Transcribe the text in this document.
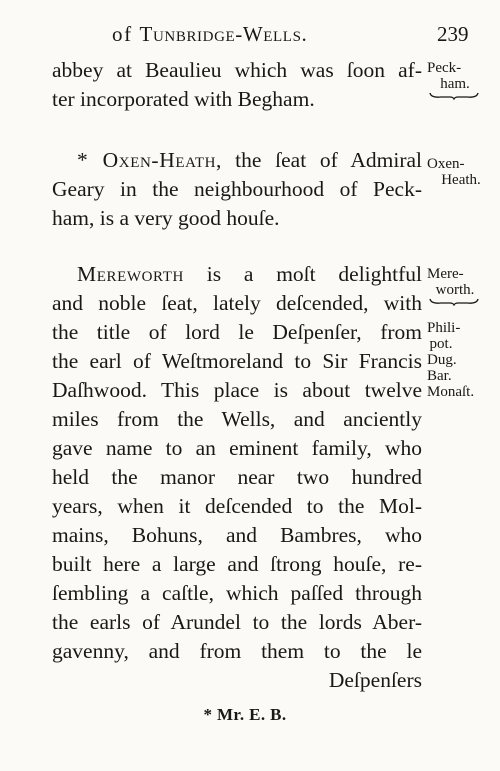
of Tunbridge-Wells.	239
abbey at Beaulieu which was ſoon af-
ter incorporated with Begham.
* Oxen-Heath, the ſeat of Admiral
Geary in the neighbourhood of Peck-
ham, is a very good houſe.
Mereworth is a moſt delightful
and noble ſeat, lately deſcended, with
the title of lord le Deſpenſer, from
the earl of Weſtmoreland to Sir Francis
Daſhwood. This place is about twelve
miles from the Wells, and anciently
gave name to an eminent family, who
held the manor near two hundred
years, when it deſcended to the Mol-
mains, Bohuns, and Bambres, who
built here a large and ſtrong houſe, re-
ſembling a caſtle, which paſſed through
the earls of Arundel to the lords Aber-
gavenny, and from them to the le
Deſpenſers
Peck-
ham.
Oxen-
Heath.
Mere-
worth.
Phili-
pot.
Dug.
Bar.
Monaſt.
* Mr. E. B.
